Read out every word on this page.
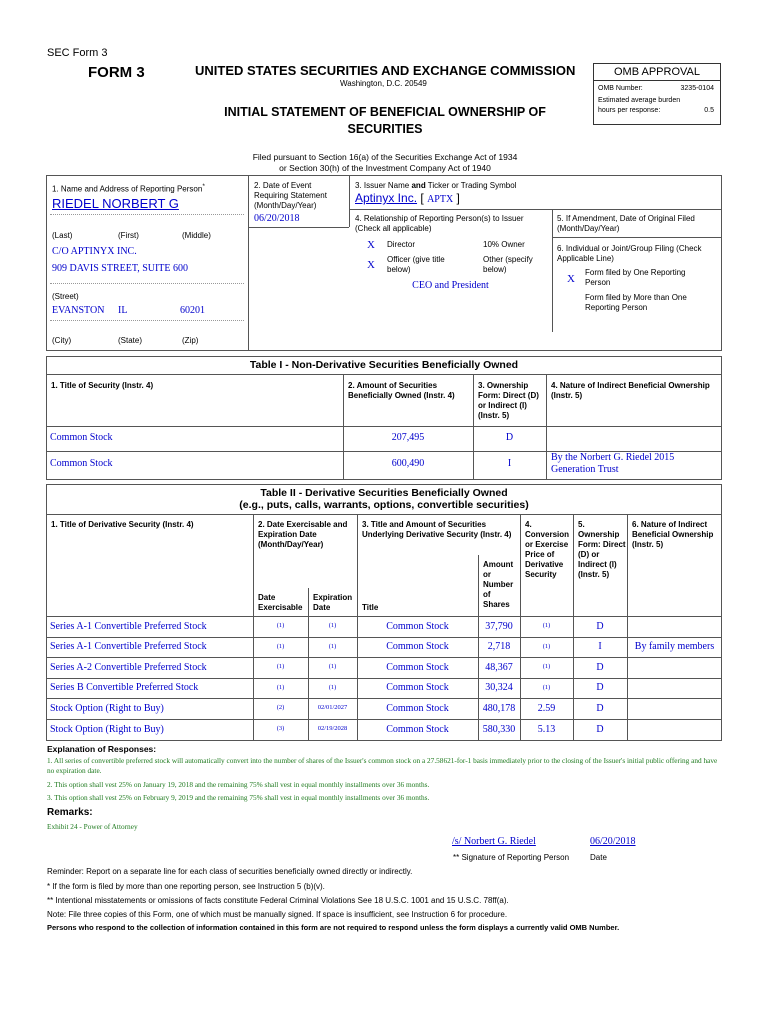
SEC Form 3
FORM 3	UNITED STATES SECURITIES AND EXCHANGE COMMISSION
Washington, D.C. 20549
INITIAL STATEMENT OF BENEFICIAL OWNERSHIP OF SECURITIES
Filed pursuant to Section 16(a) of the Securities Exchange Act of 1934
or Section 30(h) of the Investment Company Act of 1940
OMB APPROVAL
OMB Number:	3235-0104
Estimated average burden
hours per response:	0.5
1. Name and Address of Reporting Person*
RIEDEL NORBERT G
(Last)	(First)	(Middle)
C/O APTINYX INC.
909 DAVIS STREET, SUITE 600
(Street)
EVANSTON IL	60201
(City)	(State)	(Zip)
2. Date of Event Requiring Statement (Month/Day/Year)
06/20/2018
3. Issuer Name and Ticker or Trading Symbol
Aptinyx Inc. [ APTX ]
4. Relationship of Reporting Person(s) to Issuer (Check all applicable)
X Director	10% Owner
X Officer (give title below)
Other (specify below)
CEO and President
5. If Amendment, Date of Original Filed (Month/Day/Year)
6. Individual or Joint/Group Filing (Check Applicable Line)
X
Form filed by One Reporting Person
Form filed by More than One Reporting Person
Table I - Non-Derivative Securities Beneficially Owned
1. Title of Security (Instr. 4)	2. Amount of Securities Beneficially Owned (Instr. 4)
3. Ownership Form: Direct (D) or Indirect (I) (Instr. 5)
4. Nature of Indirect Beneficial Ownership (Instr. 5)
Common Stock	207,495	D
Common Stock	600,490	I
By the Norbert G. Riedel 2015 Generation Trust
Table II - Derivative Securities Beneficially Owned
(e.g., puts, calls, warrants, options, convertible securities)
1. Title of Derivative Security (Instr. 4)	2. Date Exercisable and Expiration Date (Month/Day/Year)
3. Title and Amount of Securities Underlying Derivative Security (Instr. 4)
4. Conversion or Exercise Price of Derivative Security
5. Ownership Form: Direct (D) or Indirect (I) (Instr. 5)
6. Nature of Indirect Beneficial Ownership (Instr. 5)
Date Exercisable
Expiration Date	Title
Amount or Number of Shares
Series A-1 Convertible Preferred Stock	(1)	(1)	Common Stock	37,790	(1)	D
Series A-1 Convertible Preferred Stock	(1)	(1)	Common Stock	2,718	(1)	I	By family members
Series A-2 Convertible Preferred Stock	(1)	(1)	Common Stock	48,367	(1)	D
Series B Convertible Preferred Stock	(1)	(1)	Common Stock	30,324	(1)	D
Stock Option (Right to Buy)	(2)	02/01/2027	Common Stock	480,178	2.59	D
Stock Option (Right to Buy)	(3)	02/19/2028	Common Stock	580,330	5.13	D
Explanation of Responses:
1. All series of convertible preferred stock will automatically convert into the number of shares of the Issuer's common stock on a 27.58621-for-1 basis immediately prior to the closing of the Issuer's initial public offering and have no expiration date.
2. This option shall vest 25% on January 19, 2018 and the remaining 75% shall vest in equal monthly installments over 36 months.
3. This option shall vest 25% on February 9, 2019 and the remaining 75% shall vest in equal monthly installments over 36 months.
Remarks:
Exhibit 24 - Power of Attorney
/s/ Norbert G. Riedel	06/20/2018
** Signature of Reporting Person	Date
Reminder: Report on a separate line for each class of securities beneficially owned directly or indirectly.
* If the form is filed by more than one reporting person, see Instruction 5 (b)(v).
** Intentional misstatements or omissions of facts constitute Federal Criminal Violations See 18 U.S.C. 1001 and 15 U.S.C. 78ff(a).
Note: File three copies of this Form, one of which must be manually signed. If space is insufficient, see Instruction 6 for procedure.
Persons who respond to the collection of information contained in this form are not required to respond unless the form displays a currently valid OMB Number.
